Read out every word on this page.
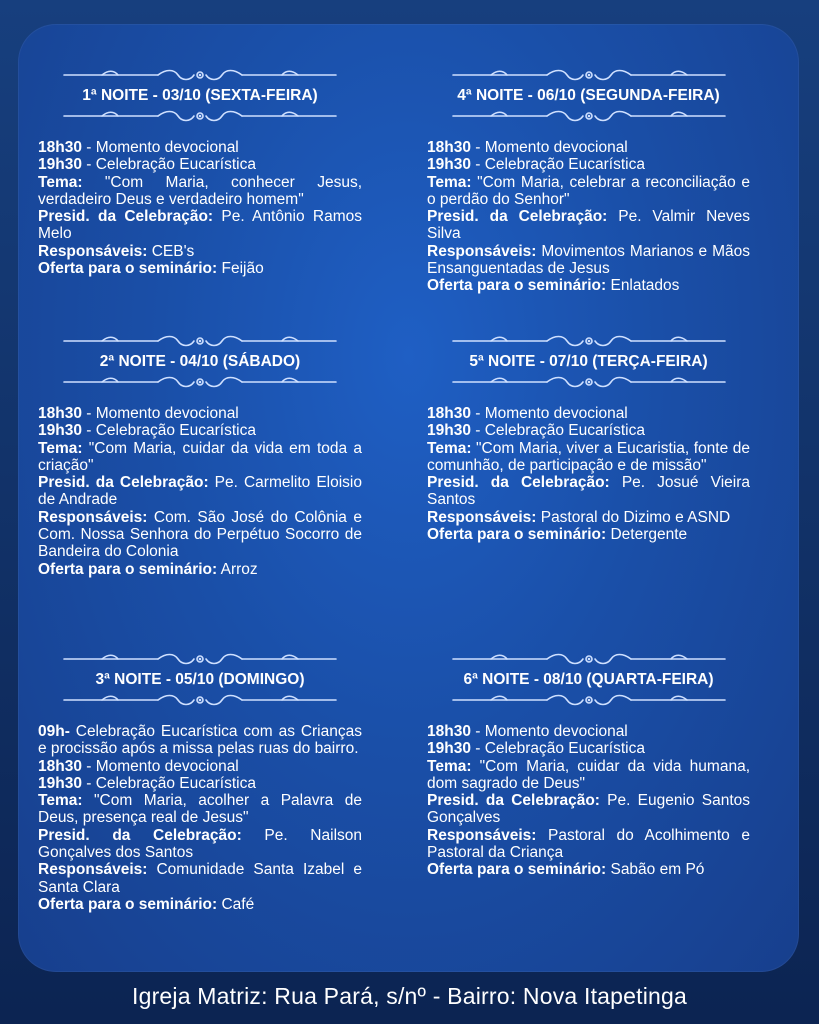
1ª NOITE - 03/10 (SEXTA-FEIRA)

18h30 - Momento devocional

19h30 - Celebração Eucarística

Tema: "Com Maria, conhecer Jesus, verdadeiro Deus e verdadeiro homem"

Presid. da Celebração: Pe. Antônio Ramos Melo

Responsáveis: CEB's

Oferta para o seminário: Feijão

4ª NOITE - 06/10 (SEGUNDA-FEIRA)

18h30 - Momento devocional

19h30 - Celebração Eucarística

Tema: "Com Maria, celebrar a reconciliação e o perdão do Senhor"

Presid. da Celebração: Pe. Valmir Neves Silva

Responsáveis: Movimentos Marianos e Mãos Ensanguentadas de Jesus

Oferta para o seminário: Enlatados

2ª NOITE - 04/10 (SÁBADO)

18h30 - Momento devocional

19h30 - Celebração Eucarística

Tema: "Com Maria, cuidar da vida em toda a criação"

Presid. da Celebração: Pe. Carmelito Eloisio de Andrade

Responsáveis: Com. São José do Colônia e Com. Nossa Senhora do Perpétuo Socorro de Bandeira do Colonia

Oferta para o seminário: Arroz

5ª NOITE - 07/10 (TERÇA-FEIRA)

18h30 - Momento devocional

19h30 - Celebração Eucarística

Tema: "Com Maria, viver a Eucaristia, fonte de comunhão, de participação e de missão"

Presid. da Celebração: Pe. Josué Vieira Santos

Responsáveis: Pastoral do Dizimo e ASND

Oferta para o seminário: Detergente

3ª NOITE - 05/10 (DOMINGO)

09h- Celebração Eucarística com as Crianças e procissão após a missa pelas ruas do bairro.

18h30 - Momento devocional

19h30 - Celebração Eucarística

Tema: "Com Maria, acolher a Palavra de Deus, presença real de Jesus"

Presid. da Celebração: Pe. Nailson Gonçalves dos Santos

Responsáveis: Comunidade Santa Izabel e Santa Clara

Oferta para o seminário: Café

6ª NOITE - 08/10 (QUARTA-FEIRA)

18h30 - Momento devocional

19h30 - Celebração Eucarística

Tema: "Com Maria, cuidar da vida humana, dom sagrado de Deus"

Presid. da Celebração: Pe. Eugenio Santos Gonçalves

Responsáveis: Pastoral do Acolhimento e Pastoral da Criança

Oferta para o seminário: Sabão em Pó

Igreja Matriz: Rua Pará, s/nº - Bairro: Nova Itapetinga
